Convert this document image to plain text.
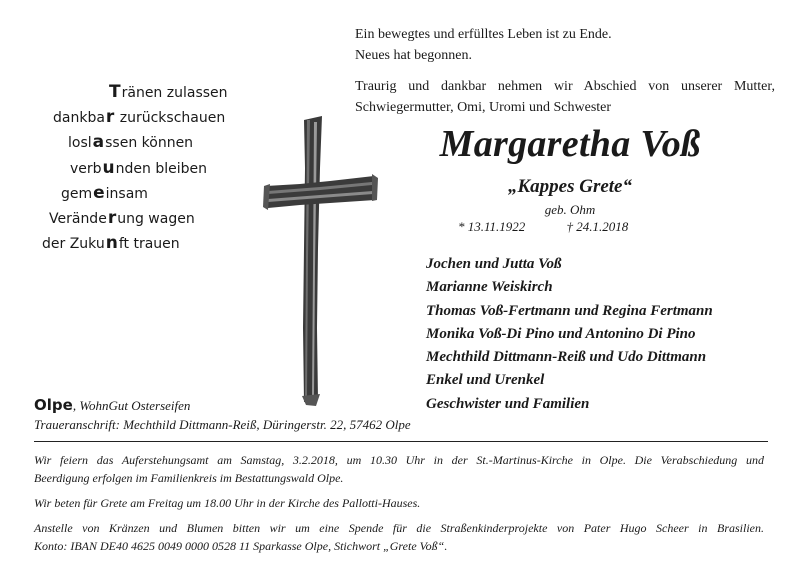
Ein bewegtes und erfülltes Leben ist zu Ende.

Neues hat begonnen.

Traurig und dankbar nehmen wir Abschied von unserer Mutter,

Schwiegermutter, Omi, Uromi und Schwester

Tränen zulassen
dankbar zurückschauen
loslassen können
verbunden bleiben
gemeinsam
Veränderung wagen
der Zukunft trauen
Margaretha Voß
„Kappes Grete“
geb. Ohm
* 13.11.1922	† 24.1.2018
Jochen und Jutta Voß
Marianne Weiskirch
Thomas Voß-Fertmann und Regina Fertmann
Monika Voß-Di Pino und Antonino Di Pino
Mechthild Dittmann-Reiß und Udo Dittmann
Enkel und Urenkel
Geschwister und Familien
Olpe, WohnGut Osterseifen
Traueranschrift: Mechthild Dittmann-Reiß, Düringerstr. 22, 57462 Olpe

Wir feiern das Auferstehungsamt am Samstag, 3.2.2018, um 10.30 Uhr in der St.-Martinus-Kirche in Olpe. Die Verabschiedung und

Beerdigung erfolgen im Familienkreis im Bestattungswald Olpe.

Wir beten für Grete am Freitag um 18.00 Uhr in der Kirche des Pallotti-Hauses.

Anstelle von Kränzen und Blumen bitten wir um eine Spende für die Straßenkinderprojekte von Pater Hugo Scheer in Brasilien.

Konto: IBAN DE40 4625 0049 0000 0528 11 Sparkasse Olpe, Stichwort „Grete Voß“.
